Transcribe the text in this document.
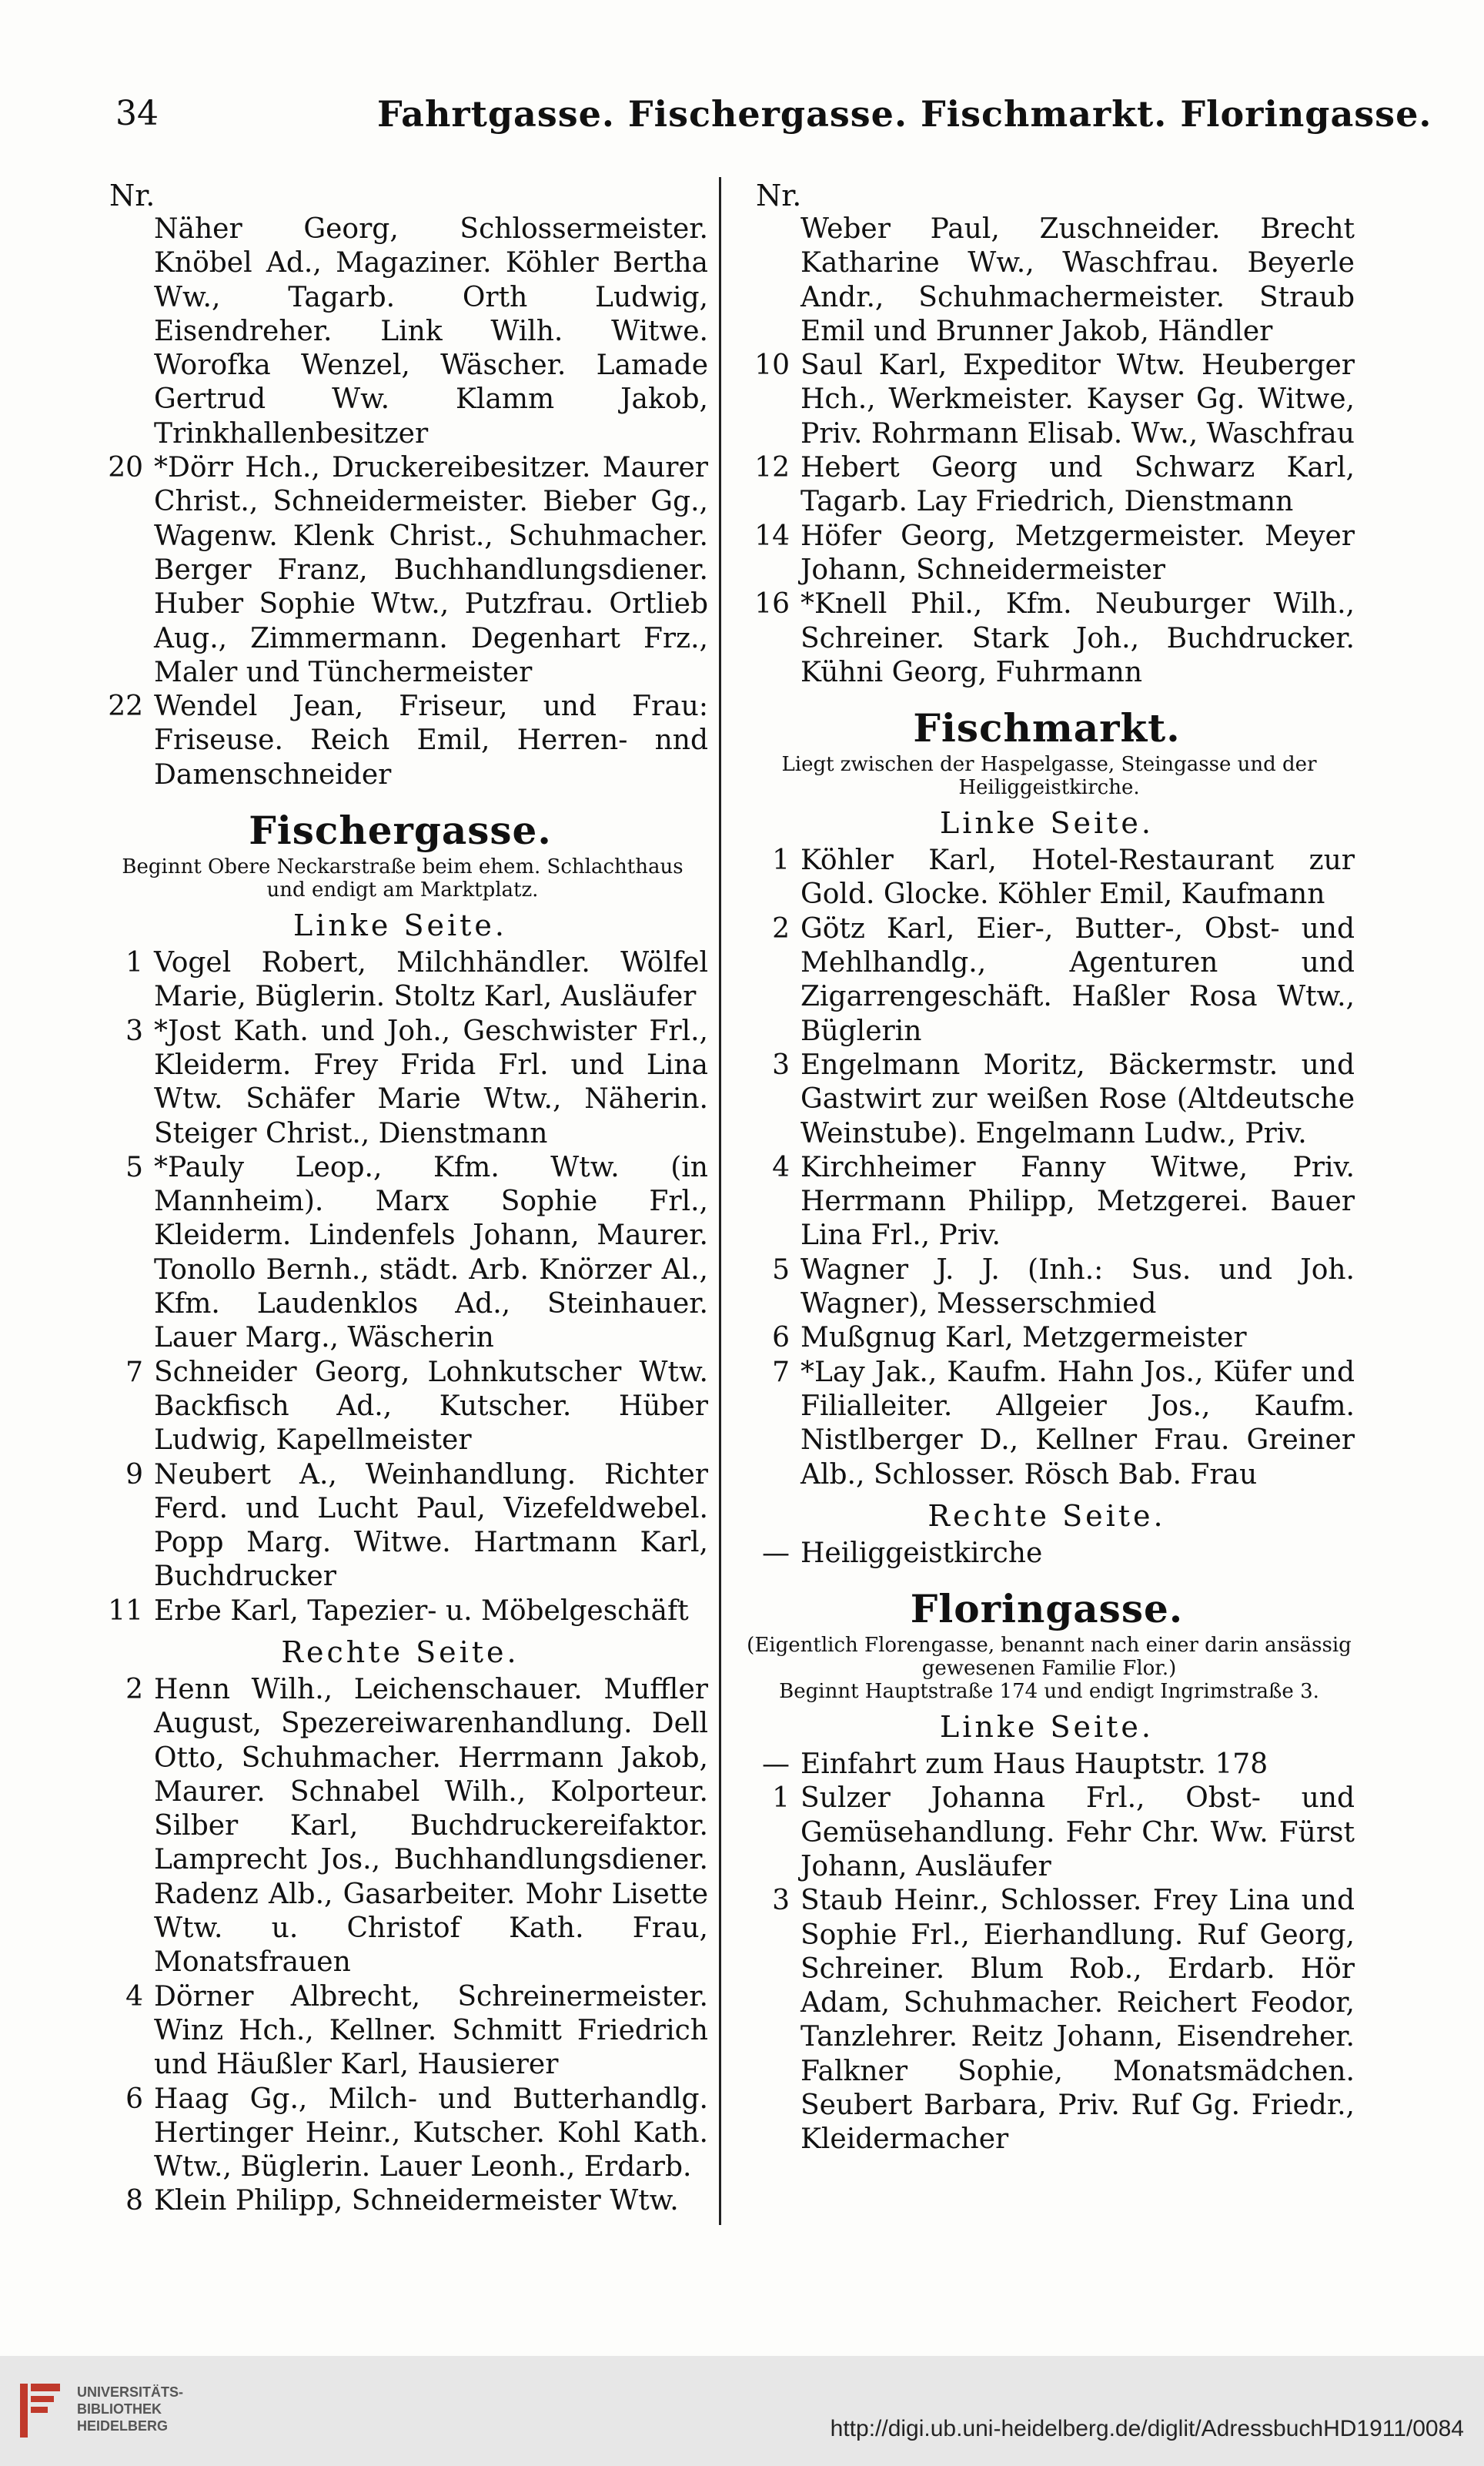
34	Fahrtgasse. Fischergasse. Fischmarkt. Floringasse.
Nr.
Näher Georg, Schlossermeister. Knöbel Ad., Magaziner. Köhler Bertha Ww., Tagarb. Orth Ludwig, Eisendreher. Link Wilh. Witwe. Worofka Wenzel, Wäscher. Lamade Gertrud Ww. Klamm Jakob, Trinkhallenbesitzer
20 *Dörr Hch., Druckereibesitzer. Maurer Christ., Schneidermeister. Bieber Gg., Wagenw. Klenk Christ., Schuhmacher. Berger Franz, Buchhandlungsdiener. Huber Sophie Wtw., Putzfrau. Ortlieb Aug., Zimmermann. Degenhart Frz., Maler und Tünchermeister
22 Wendel Jean, Friseur, und Frau: Friseuse. Reich Emil, Herren- nnd Damenschneider
Fischergasse.
Beginnt Obere Neckarstraße beim ehem. Schlachthaus und endigt am Marktplatz.
Linke Seite.
1 Vogel Robert, Milchhändler. Wölfel Marie, Büglerin. Stoltz Karl, Ausläufer
3 *Jost Kath. und Joh., Geschwister Frl., Kleiderm. Frey Frida Frl. und Lina Wtw. Schäfer Marie Wtw., Näherin. Steiger Christ., Dienstmann
5 *Pauly Leop., Kfm. Wtw. (in Mannheim). Marx Sophie Frl., Kleiderm. Lindenfels Johann, Maurer. Tonollo Bernh., städt. Arb. Knörzer Al., Kfm. Laudenklos Ad., Steinhauer. Lauer Marg., Wäscherin
7 Schneider Georg, Lohnkutscher Wtw. Backfisch Ad., Kutscher. Hüber Ludwig, Kapellmeister
9 Neubert A., Weinhandlung. Richter Ferd. und Lucht Paul, Vizefeldwebel. Popp Marg. Witwe. Hartmann Karl, Buchdrucker
11 Erbe Karl, Tapezier- u. Möbelgeschäft
Rechte Seite.
2 Henn Wilh., Leichenschauer. Muffler August, Spezereiwarenhandlung. Dell Otto, Schuhmacher. Herrmann Jakob, Maurer. Schnabel Wilh., Kolporteur. Silber Karl, Buchdruckereifaktor. Lamprecht Jos., Buchhandlungsdiener. Radenz Alb., Gasarbeiter. Mohr Lisette Wtw. u. Christof Kath. Frau, Monatsfrauen
4 Dörner Albrecht, Schreinermeister. Winz Hch., Kellner. Schmitt Friedrich und Häußler Karl, Hausierer
6 Haag Gg., Milch- und Butterhandlg. Hertinger Heinr., Kutscher. Kohl Kath. Wtw., Büglerin. Lauer Leonh., Erdarb.
8 Klein Philipp, Schneidermeister Wtw.
Nr.
Weber Paul, Zuschneider. Brecht Katharine Ww., Waschfrau. Beyerle Andr., Schuhmachermeister. Straub Emil und Brunner Jakob, Händler
10 Saul Karl, Expeditor Wtw. Heuberger Hch., Werkmeister. Kayser Gg. Witwe, Priv. Rohrmann Elisab. Ww., Waschfrau
12 Hebert Georg und Schwarz Karl, Tagarb. Lay Friedrich, Dienstmann
14 Höfer Georg, Metzgermeister. Meyer Johann, Schneidermeister
16 *Knell Phil., Kfm. Neuburger Wilh., Schreiner. Stark Joh., Buchdrucker. Kühni Georg, Fuhrmann
Fischmarkt.
Liegt zwischen der Haspelgasse, Steingasse und der Heiliggeistkirche.
Linke Seite.
1 Köhler Karl, Hotel-Restaurant zur Gold. Glocke. Köhler Emil, Kaufmann
2 Götz Karl, Eier-, Butter-, Obst- und Mehlhandlg., Agenturen und Zigarrengeschäft. Haßler Rosa Wtw., Büglerin
3 Engelmann Moritz, Bäckermstr. und Gastwirt zur weißen Rose (Altdeutsche Weinstube). Engelmann Ludw., Priv.
4 Kirchheimer Fanny Witwe, Priv. Herrmann Philipp, Metzgerei. Bauer Lina Frl., Priv.
5 Wagner J. J. (Inh.: Sus. und Joh. Wagner), Messerschmied
6 Mußgnug Karl, Metzgermeister
7 *Lay Jak., Kaufm. Hahn Jos., Küfer und Filialleiter. Allgeier Jos., Kaufm. Nistlberger D., Kellner Frau. Greiner Alb., Schlosser. Rösch Bab. Frau
Rechte Seite.
— Heiliggeistkirche
Floringasse.
(Eigentlich Florengasse, benannt nach einer darin ansässig gewesenen Familie Flor.)
Beginnt Hauptstraße 174 und endigt Ingrimstraße 3.
Linke Seite.
— Einfahrt zum Haus Hauptstr. 178
1 Sulzer Johanna Frl., Obst- und Gemüsehandlung. Fehr Chr. Ww. Fürst Johann, Ausläufer
3 Staub Heinr., Schlosser. Frey Lina und Sophie Frl., Eierhandlung. Ruf Georg, Schreiner. Blum Rob., Erdarb. Hör Adam, Schuhmacher. Reichert Feodor, Tanzlehrer. Reitz Johann, Eisendreher. Falkner Sophie, Monatsmädchen. Seubert Barbara, Priv. Ruf Gg. Friedr., Kleidermacher
UNIVERSITÄTS-
BIBLIOTHEK
HEIDELBERG	http://digi.ub.uni-heidelberg.de/diglit/AdressbuchHD1911/0084
